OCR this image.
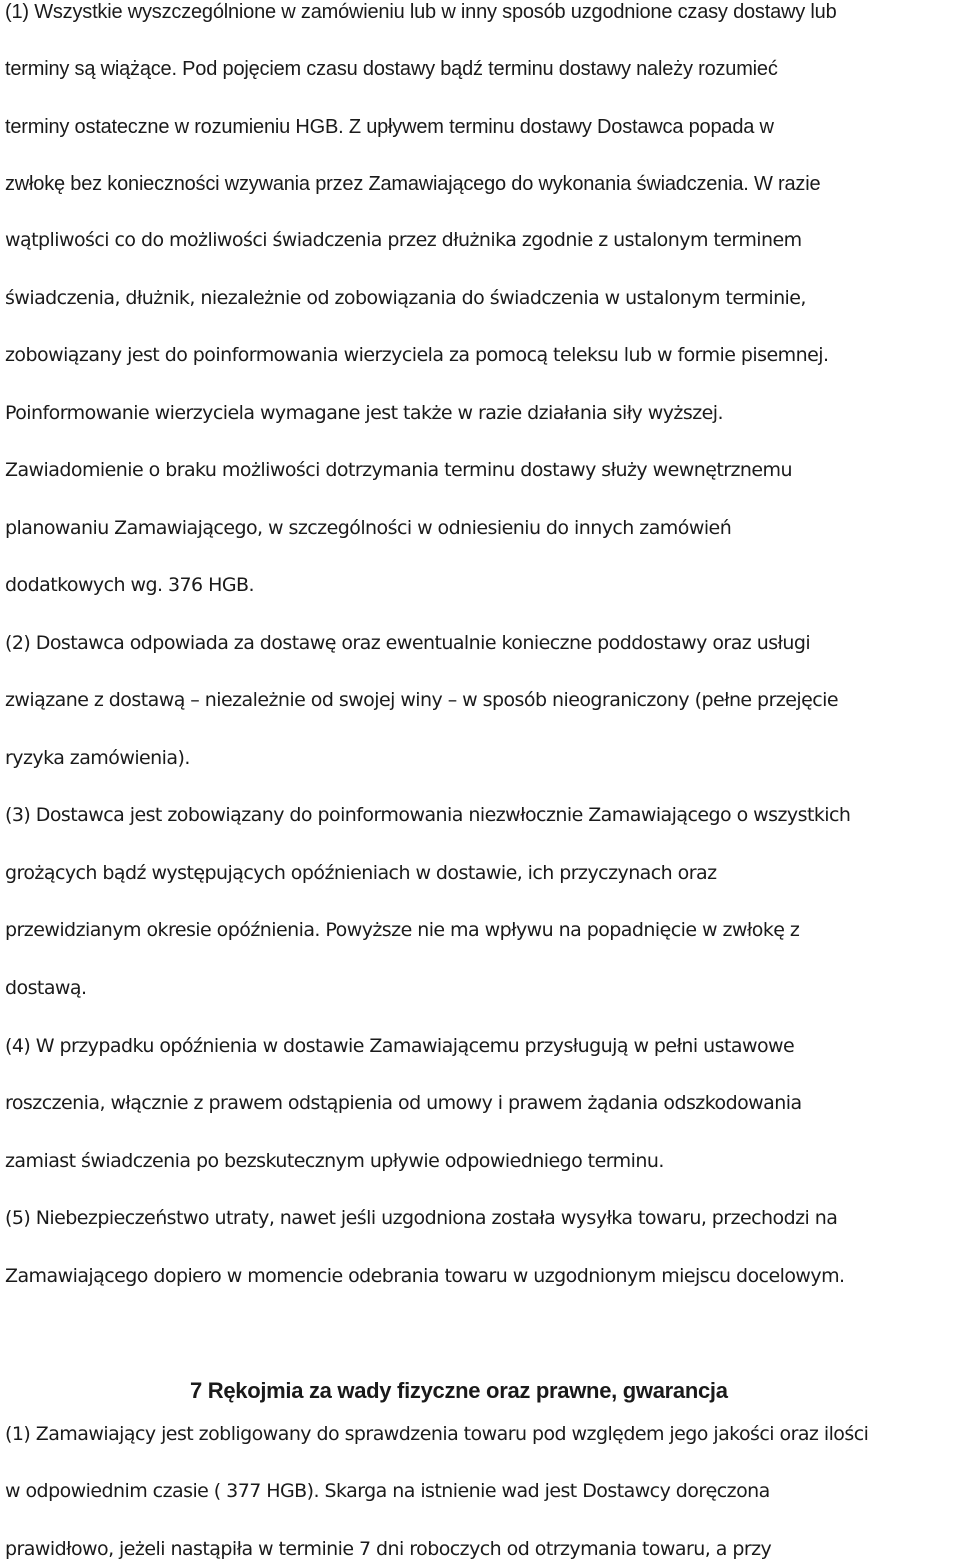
(1) Wszystkie wyszczególnione w zamówieniu lub w inny sposób uzgodnione czasy dostawy lub
terminy są wiążące. Pod pojęciem czasu dostawy bądź terminu dostawy należy rozumieć
terminy ostateczne w rozumieniu HGB. Z upływem terminu dostawy Dostawca popada w
zwłokę bez konieczności wzywania przez Zamawiającego do wykonania świadczenia. W razie
wątpliwości co do możliwości świadczenia przez dłużnika zgodnie z ustalonym terminem
świadczenia, dłużnik, niezależnie od zobowiązania do świadczenia w ustalonym terminie,
zobowiązany jest do poinformowania wierzyciela za pomocą teleksu lub w formie pisemnej.
Poinformowanie wierzyciela wymagane jest także w razie działania siły wyższej.
Zawiadomienie o braku możliwości dotrzymania terminu dostawy służy wewnętrznemu
planowaniu Zamawiającego, w szczególności w odniesieniu do innych zamówień
dodatkowych wg. 376 HGB.
(2) Dostawca odpowiada za dostawę oraz ewentualnie konieczne poddostawy oraz usługi
związane z dostawą – niezależnie od swojej winy – w sposób nieograniczony (pełne przejęcie
ryzyka zamówienia).
(3) Dostawca jest zobowiązany do poinformowania niezwłocznie Zamawiającego o wszystkich
grożących bądź występujących opóźnieniach w dostawie, ich przyczynach oraz
przewidzianym okresie opóźnienia. Powyższe nie ma wpływu na popadnięcie w zwłokę z
dostawą.
(4) W przypadku opóźnienia w dostawie Zamawiającemu przysługują w pełni ustawowe
roszczenia, włącznie z prawem odstąpienia od umowy i prawem żądania odszkodowania
zamiast świadczenia po bezskutecznym upływie odpowiedniego terminu.
(5) Niebezpieczeństwo utraty, nawet jeśli uzgodniona została wysyłka towaru, przechodzi na
Zamawiającego dopiero w momencie odebrania towaru w uzgodnionym miejscu docelowym.
7 Rękojmia za wady fizyczne oraz prawne, gwarancja
(1) Zamawiający jest zobligowany do sprawdzenia towaru pod względem jego jakości oraz ilości
w odpowiednim czasie ( 377 HGB). Skarga na istnienie wad jest Dostawcy doręczona
prawidłowo, jeżeli nastąpiła w terminie 7 dni roboczych od otrzymania towaru, a przy
